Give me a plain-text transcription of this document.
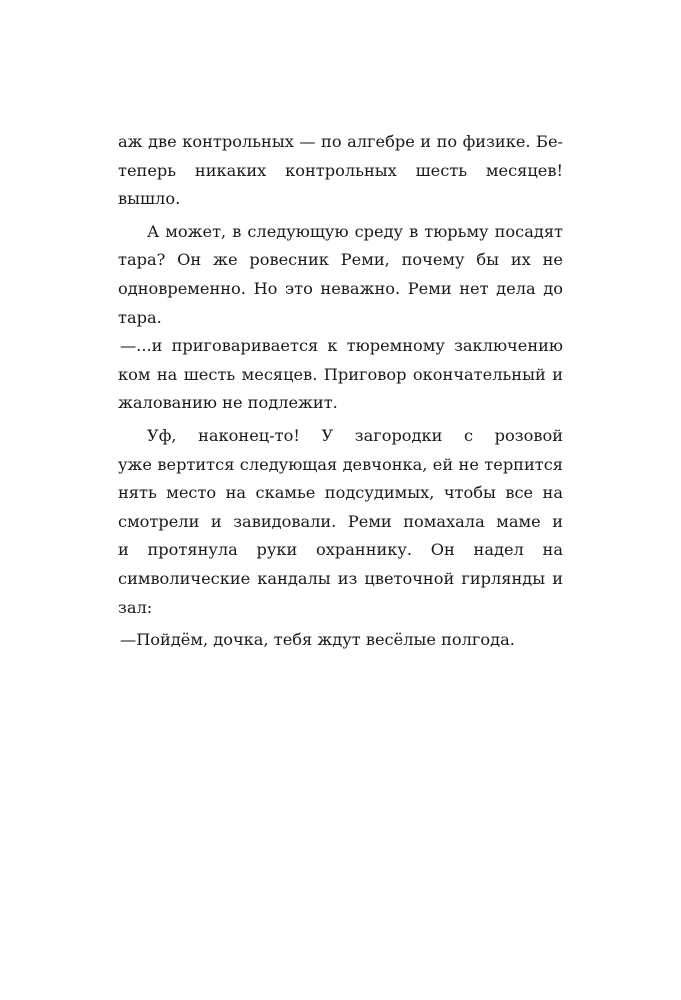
аж две контрольных — по алгебре и по физике. Бе-
теперь никаких контрольных шесть месяцев!
вышло.
А может, в следующую среду в тюрьму посадят
тара? Он же ровесник Реми, почему бы их не
одновременно. Но это неважно. Реми нет дела до
тара.
—...и приговаривается к тюремному заключению
ком на шесть месяцев. Приговор окончательный и
жалованию не подлежит.
Уф, наконец-то! У загородки с розовой
уже вертится следующая девчонка, ей не терпится
нять место на скамье подсудимых, чтобы все на
смотрели и завидовали. Реми помахала маме и
и протянула руки охраннику. Он надел на
символические кандалы из цветочной гирлянды и
зал:
—Пойдём, дочка, тебя ждут весёлые полгода.
